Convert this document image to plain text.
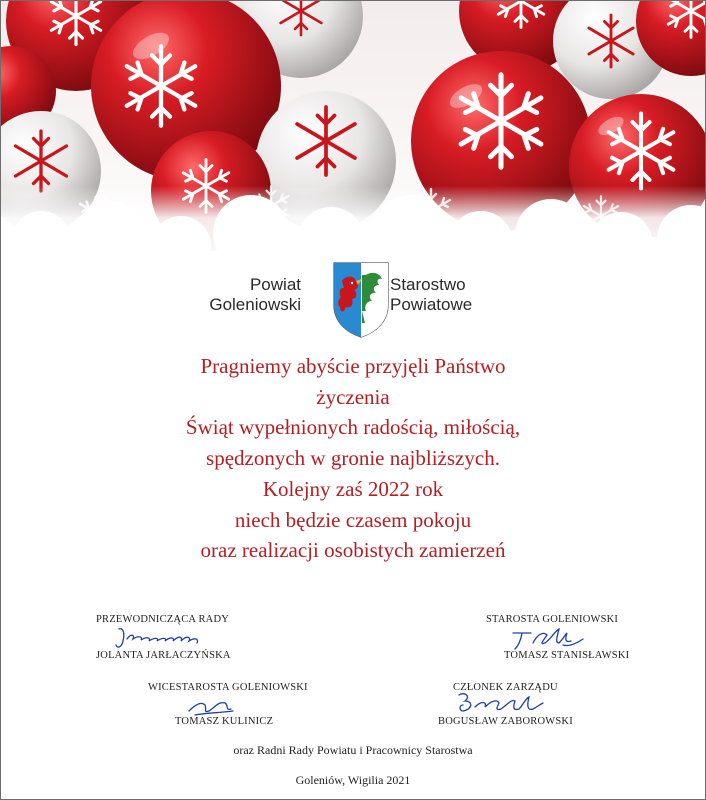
Powiat
Goleniowski
Starostwo
Powiatowe
Pragniemy abyście przyjęli Państwo
życzenia
Świąt wypełnionych radością, miłością,
spędzonych w gronie najbliższych.
Kolejny zaś 2022 rok
niech będzie czasem pokoju
oraz realizacji osobistych zamierzeń
PRZEWODNICZĄCA RADY
JOLANTA JARŁACZYŃSKA
STAROSTA GOLENIOWSKI
TOMASZ STANISŁAWSKI
WICESTAROSTA GOLENIOWSKI
TOMASZ KULINICZ
CZŁONEK ZARZĄDU
BOGUSŁAW ZABOROWSKI
oraz Radni Rady Powiatu i Pracownicy Starostwa
Goleniów, Wigilia 2021
